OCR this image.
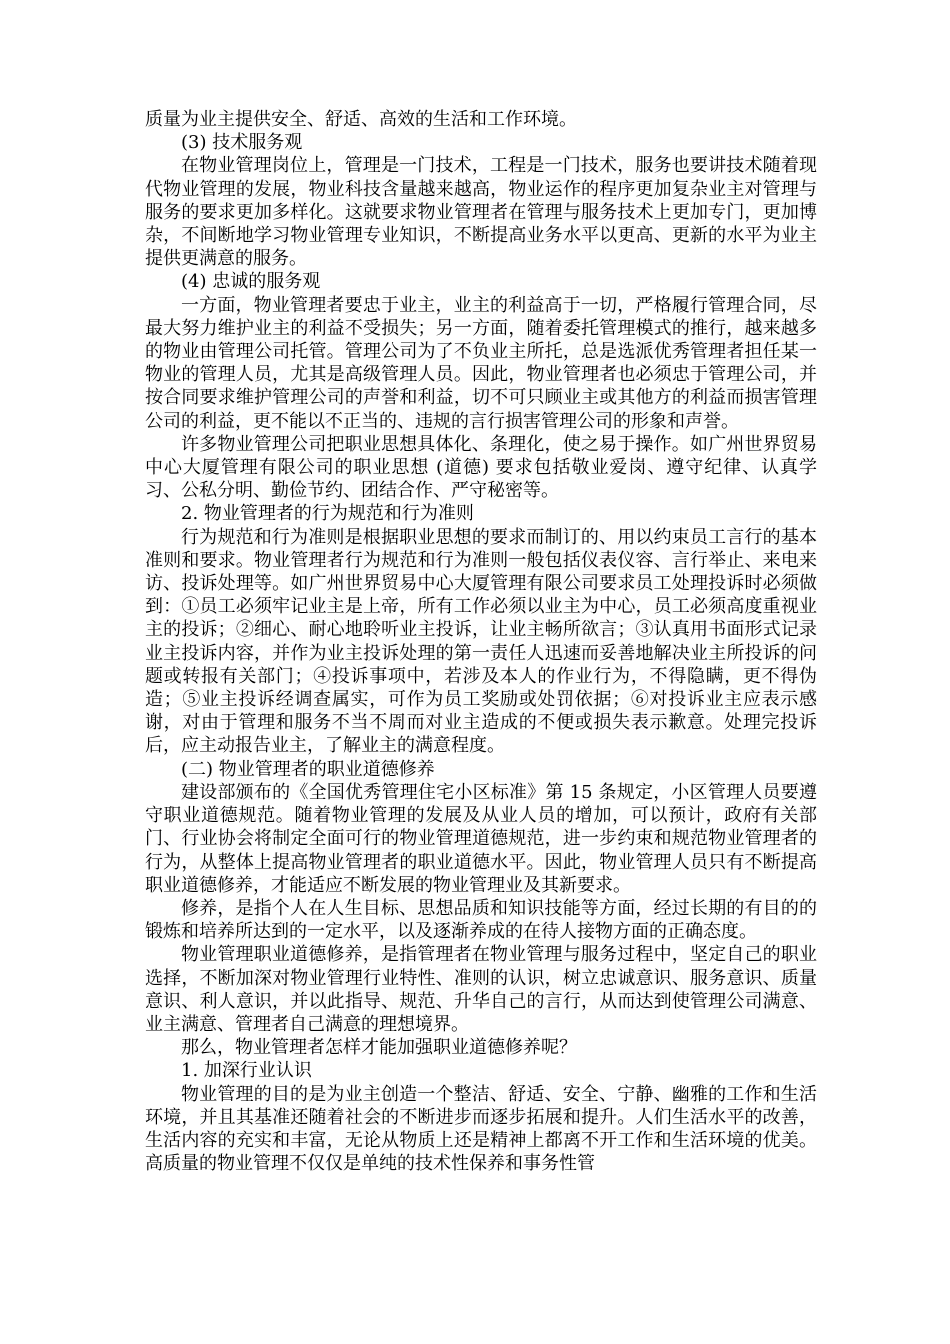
质量为业主提供安全、舒适、高效的生活和工作环境。

(3) 技术服务观

在物业管理岗位上，管理是一门技术，工程是一门技术，服务也要讲技术随着现代物业管理的发展，物业科技含量越来越高，物业运作的程序更加复杂业主对管理与服务的要求更加多样化。这就要求物业管理者在管理与服务技术上更加专门，更加博杂，不间断地学习物业管理专业知识，不断提高业务水平以更高、更新的水平为业主提供更满意的服务。

(4) 忠诚的服务观

一方面，物业管理者要忠于业主，业主的利益高于一切，严格履行管理合同，尽最大努力维护业主的利益不受损失；另一方面，随着委托管理模式的推行，越来越多的物业由管理公司托管。管理公司为了不负业主所托，总是选派优秀管理者担任某一物业的管理人员，尤其是高级管理人员。因此，物业管理者也必须忠于管理公司，并按合同要求维护管理公司的声誉和利益，切不可只顾业主或其他方的利益而损害管理公司的利益，更不能以不正当的、违规的言行损害管理公司的形象和声誉。

许多物业管理公司把职业思想具体化、条理化，使之易于操作。如广州世界贸易中心大厦管理有限公司的职业思想 (道德) 要求包括敬业爱岗、遵守纪律、认真学习、公私分明、勤俭节约、团结合作、严守秘密等。

2. 物业管理者的行为规范和行为准则

行为规范和行为准则是根据职业思想的要求而制订的、用以约束员工言行的基本准则和要求。物业管理者行为规范和行为准则一般包括仪表仪容、言行举止、来电来访、投诉处理等。如广州世界贸易中心大厦管理有限公司要求员工处理投诉时必须做到：①员工必须牢记业主是上帝，所有工作必须以业主为中心，员工必须高度重视业主的投诉；②细心、耐心地聆听业主投诉，让业主畅所欲言；③认真用书面形式记录业主投诉内容，并作为业主投诉处理的第一责任人迅速而妥善地解决业主所投诉的问题或转报有关部门；④投诉事项中，若涉及本人的作业行为，不得隐瞒，更不得伪造；⑤业主投诉经调查属实，可作为员工奖励或处罚依据；⑥对投诉业主应表示感谢，对由于管理和服务不当不周而对业主造成的不便或损失表示歉意。处理完投诉后，应主动报告业主，了解业主的满意程度。

(二) 物业管理者的职业道德修养

建设部颁布的《全国优秀管理住宅小区标准》第 15 条规定，小区管理人员要遵守职业道德规范。随着物业管理的发展及从业人员的增加，可以预计，政府有关部门、行业协会将制定全面可行的物业管理道德规范，进一步约束和规范物业管理者的行为，从整体上提高物业管理者的职业道德水平。因此，物业管理人员只有不断提高职业道德修养，才能适应不断发展的物业管理业及其新要求。

修养，是指个人在人生目标、思想品质和知识技能等方面，经过长期的有目的的锻炼和培养所达到的一定水平，以及逐渐养成的在待人接物方面的正确态度。

物业管理职业道德修养，是指管理者在物业管理与服务过程中，坚定自己的职业选择，不断加深对物业管理行业特性、准则的认识，树立忠诚意识、服务意识、质量意识、利人意识，并以此指导、规范、升华自己的言行，从而达到使管理公司满意、业主满意、管理者自己满意的理想境界。

那么，物业管理者怎样才能加强职业道德修养呢？

1. 加深行业认识

物业管理的目的是为业主创造一个整洁、舒适、安全、宁静、幽雅的工作和生活环境，并且其基准还随着社会的不断进步而逐步拓展和提升。人们生活水平的改善，生活内容的充实和丰富，无论从物质上还是精神上都离不开工作和生活环境的优美。高质量的物业管理不仅仅是单纯的技术性保养和事务性管
